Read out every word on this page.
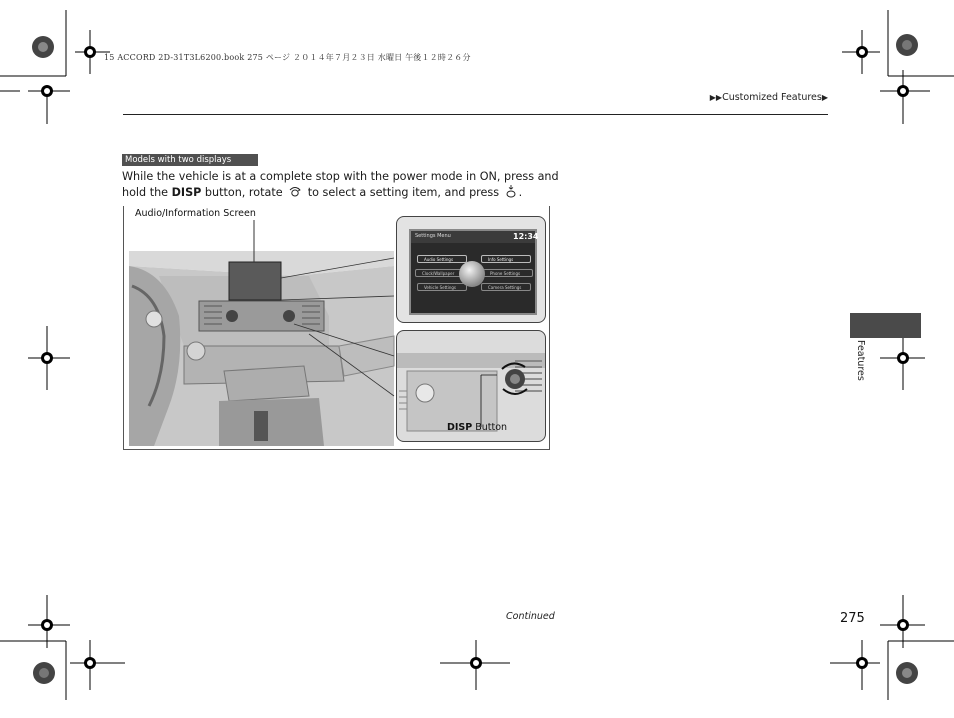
15 ACCORD 2D-31T3L6200.book 275 ページ ２０１４年７月２３日 水曜日 午後１２時２６分
▶▶Customized Features▶
Models with two displays
While the vehicle is at a complete stop with the power mode in ON, press and hold the DISP button, rotate  to select a setting item, and press .
Audio/Information Screen
Settings Menu	12:34
Audio Settings	Info Settings
Clock/Wallpaper	Phone Settings
Vehicle Settings	Camera Settings
DISP Button
Features
Continued	275
